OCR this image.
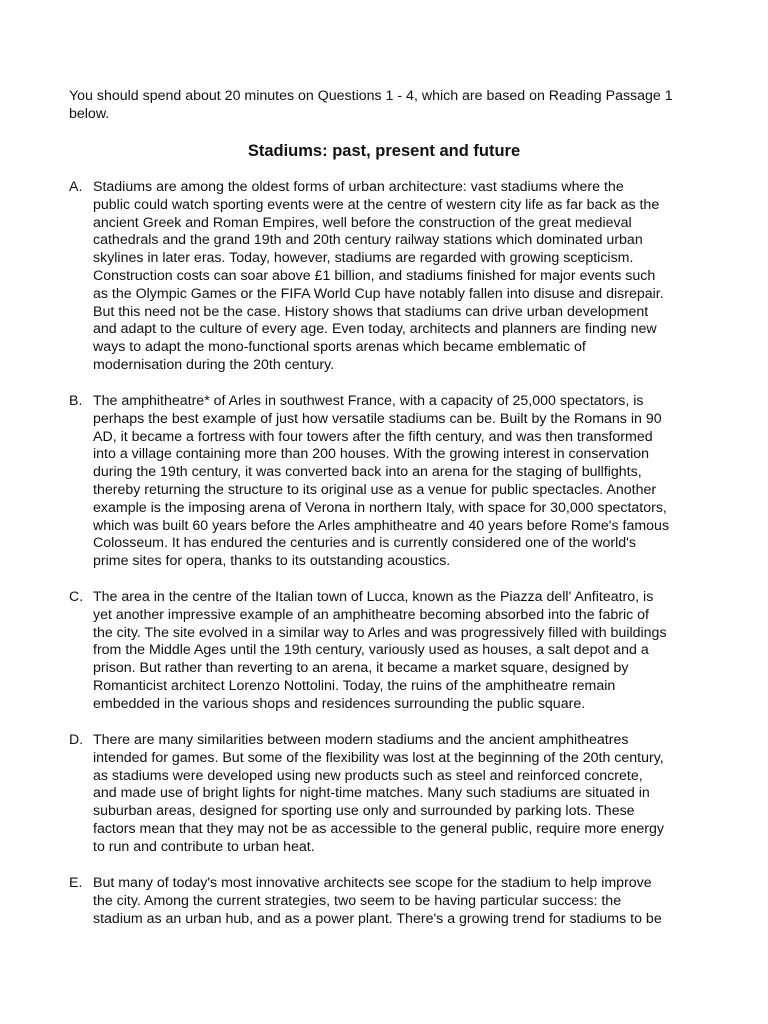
You should spend about 20 minutes on Questions 1 - 4, which are based on Reading Passage 1
below.

Stadiums: past, present and future
A. Stadiums are among the oldest forms of urban architecture: vast stadiums where the
public could watch sporting events were at the centre of western city life as far back as the
ancient Greek and Roman Empires, well before the construction of the great medieval
cathedrals and the grand 19th and 20th century railway stations which dominated urban
skylines in later eras. Today, however, stadiums are regarded with growing scepticism.
Construction costs can soar above £1 billion, and stadiums finished for major events such
as the Olympic Games or the FIFA World Cup have notably fallen into disuse and disrepair.
But this need not be the case. History shows that stadiums can drive urban development
and adapt to the culture of every age. Even today, architects and planners are finding new
ways to adapt the mono-functional sports arenas which became emblematic of
modernisation during the 20th century.
B. The amphitheatre* of Arles in southwest France, with a capacity of 25,000 spectators, is
perhaps the best example of just how versatile stadiums can be. Built by the Romans in 90
AD, it became a fortress with four towers after the fifth century, and was then transformed
into a village containing more than 200 houses. With the growing interest in conservation
during the 19th century, it was converted back into an arena for the staging of bullfights,
thereby returning the structure to its original use as a venue for public spectacles. Another
example is the imposing arena of Verona in northern Italy, with space for 30,000 spectators,
which was built 60 years before the Arles amphitheatre and 40 years before Rome's famous
Colosseum. It has endured the centuries and is currently considered one of the world's
prime sites for opera, thanks to its outstanding acoustics.
C. The area in the centre of the Italian town of Lucca, known as the Piazza dell' Anfiteatro, is
yet another impressive example of an amphitheatre becoming absorbed into the fabric of
the city. The site evolved in a similar way to Arles and was progressively filled with buildings
from the Middle Ages until the 19th century, variously used as houses, a salt depot and a
prison. But rather than reverting to an arena, it became a market square, designed by
Romanticist architect Lorenzo Nottolini. Today, the ruins of the amphitheatre remain
embedded in the various shops and residences surrounding the public square.
D. There are many similarities between modern stadiums and the ancient amphitheatres
intended for games. But some of the flexibility was lost at the beginning of the 20th century,
as stadiums were developed using new products such as steel and reinforced concrete,
and made use of bright lights for night-time matches. Many such stadiums are situated in
suburban areas, designed for sporting use only and surrounded by parking lots. These
factors mean that they may not be as accessible to the general public, require more energy
to run and contribute to urban heat.
E. But many of today's most innovative architects see scope for the stadium to help improve
the city. Among the current strategies, two seem to be having particular success: the
stadium as an urban hub, and as a power plant. There's a growing trend for stadiums to be
